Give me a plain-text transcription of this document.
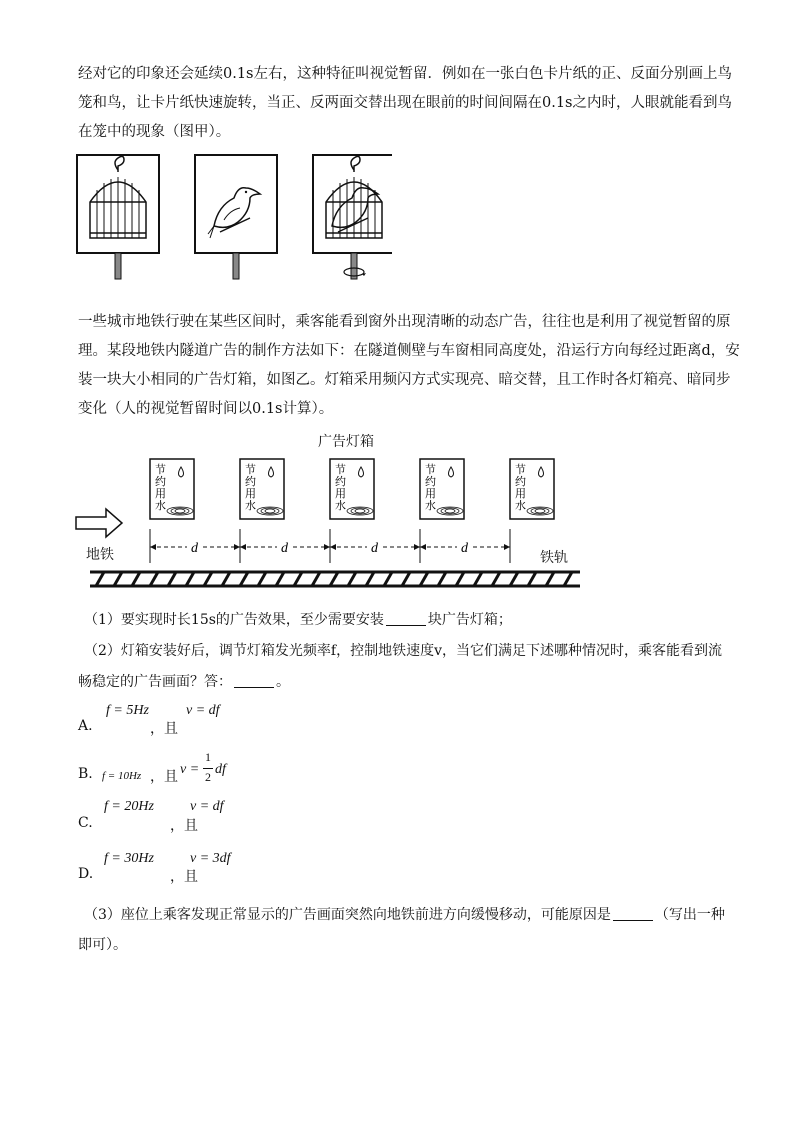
经对它的印象还会延续0.1s左右，这种特征叫视觉暂留．例如在一张白色卡片纸的正、反面分别画上鸟
笼和鸟，让卡片纸快速旋转，当正、反两面交替出现在眼前的时间间隔在0.1s之内时，人眼就能看到鸟
在笼中的现象（图甲）。
一些城市地铁行驶在某些区间时，乘客能看到窗外出现清晰的动态广告，往往也是利用了视觉暂留的原
理。某段地铁内隧道广告的制作方法如下：在隧道侧壁与车窗相同高度处，沿运行方向每经过距离d，安
装一块大小相同的广告灯箱，如图乙。灯箱采用频闪方式实现亮、暗交替，且工作时各灯箱亮、暗同步
变化（人的视觉暂留时间以0.1s计算）。
广告灯箱
节
约
用
水
节
约
用
水
节
约
用
水
节
约
用
水
节
约
用
水
d	d	d	d
地铁	铁轨
（1）要实现时长15s的广告效果，至少需要安装	块广告灯箱；
（2）灯箱安装好后，调节灯箱发光频率f，控制地铁速度v，当它们满足下述哪种情况时，乘客能看到流
畅稳定的广告画面？答：	。
f = 5Hz	v = df
A.	，且
B. f = 10Hz ，且 v =
1
2 df
f = 20Hz	v = df
C.	，且
f = 30Hz	v = 3df
D.	，且
（3）座位上乘客发现正常显示的广告画面突然向地铁前进方向缓慢移动，可能原因是	（写出一种
即可）。
